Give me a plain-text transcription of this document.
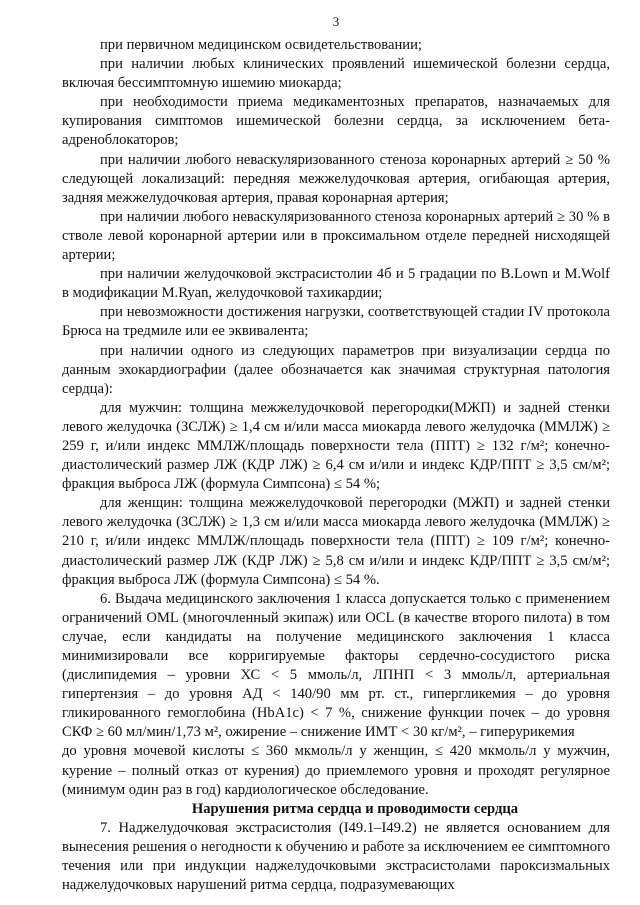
3

при первичном медицинском освидетельствовании;

при наличии любых клинических проявлений ишемической болезни сердца, включая бессимптомную ишемию миокарда;

при необходимости приема медикаментозных препаратов, назначаемых для купирования симптомов ишемической болезни сердца, за исключением бета-адреноблокаторов;

при наличии любого неваскуляризованного стеноза коронарных артерий ≥ 50 % следующей локализаций: передняя межжелудочковая артерия, огибающая артерия, задняя межжелудочковая артерия, правая коронарная артерия;

при наличии любого неваскуляризованного стеноза коронарных артерий ≥ 30 % в стволе левой коронарной артерии или в проксимальном отделе передней нисходящей артерии;

при наличии желудочковой экстрасистолии 4б и 5 градации по B.Lown и M.Wolf в модификации M.Ryan, желудочковой тахикардии;

при невозможности достижения нагрузки, соответствующей стадии IV протокола Брюса на тредмиле или ее эквивалента;

при наличии одного из следующих параметров при визуализации сердца по данным эхокардиографии (далее обозначается как значимая структурная патология сердца):

для мужчин: толщина межжелудочковой перегородки(МЖП) и задней стенки левого желудочка (ЗСЛЖ) ≥ 1,4 см и/или масса миокарда левого желудочка (ММЛЖ) ≥ 259 г, и/или индекс ММЛЖ/площадь поверхности тела (ППТ) ≥ 132 г/м²; конечно-диастолический размер ЛЖ (КДР ЛЖ) ≥ 6,4 см и/или и индекс КДР/ППТ ≥ 3,5 см/м²; фракция выброса ЛЖ (формула Симпсона) ≤ 54 %;

для женщин: толщина межжелудочковой перегородки (МЖП) и задней стенки левого желудочка (ЗСЛЖ) ≥ 1,3 см и/или масса миокарда левого желудочка (ММЛЖ) ≥ 210 г, и/или индекс ММЛЖ/площадь поверхности тела (ППТ) ≥ 109 г/м²; конечно-диастолический размер ЛЖ (КДР ЛЖ) ≥ 5,8 см и/или и индекс КДР/ППТ ≥ 3,5 см/м²; фракция выброса ЛЖ (формула Симпсона) ≤ 54 %.

6. Выдача медицинского заключения 1 класса допускается только с применением ограничений OML (многочленный экипаж) или OCL (в качестве второго пилота) в том случае, если кандидаты на получение медицинского заключения 1 класса минимизировали все корригируемые факторы сердечно-сосудистого риска (дислипидемия – уровни ХС < 5 ммоль/л, ЛПНП < 3 ммоль/л, артериальная гипертензия – до уровня АД < 140/90 мм рт. ст., гипергликемия – до уровня гликированного гемоглобина (HbA1c) < 7 %, снижение функции почек – до уровня СКФ ≥ 60 мл/мин/1,73 м², ожирение – снижение ИМТ < 30 кг/м², – гиперурикемия

до уровня мочевой кислоты ≤ 360 мкмоль/л у женщин, ≤ 420 мкмоль/л у мужчин, курение – полный отказ от курения) до приемлемого уровня и проходят регулярное (минимум один раз в год) кардиологическое обследование.

Нарушения ритма сердца и проводимости сердца

7. Наджелудочковая экстрасистолия (I49.1–I49.2) не является основанием для вынесения решения о негодности к обучению и работе за исключением ее симптомного течения или при индукции наджелудочковыми экстрасистолами пароксизмальных наджелудочковых нарушений ритма сердца, подразумевающих
